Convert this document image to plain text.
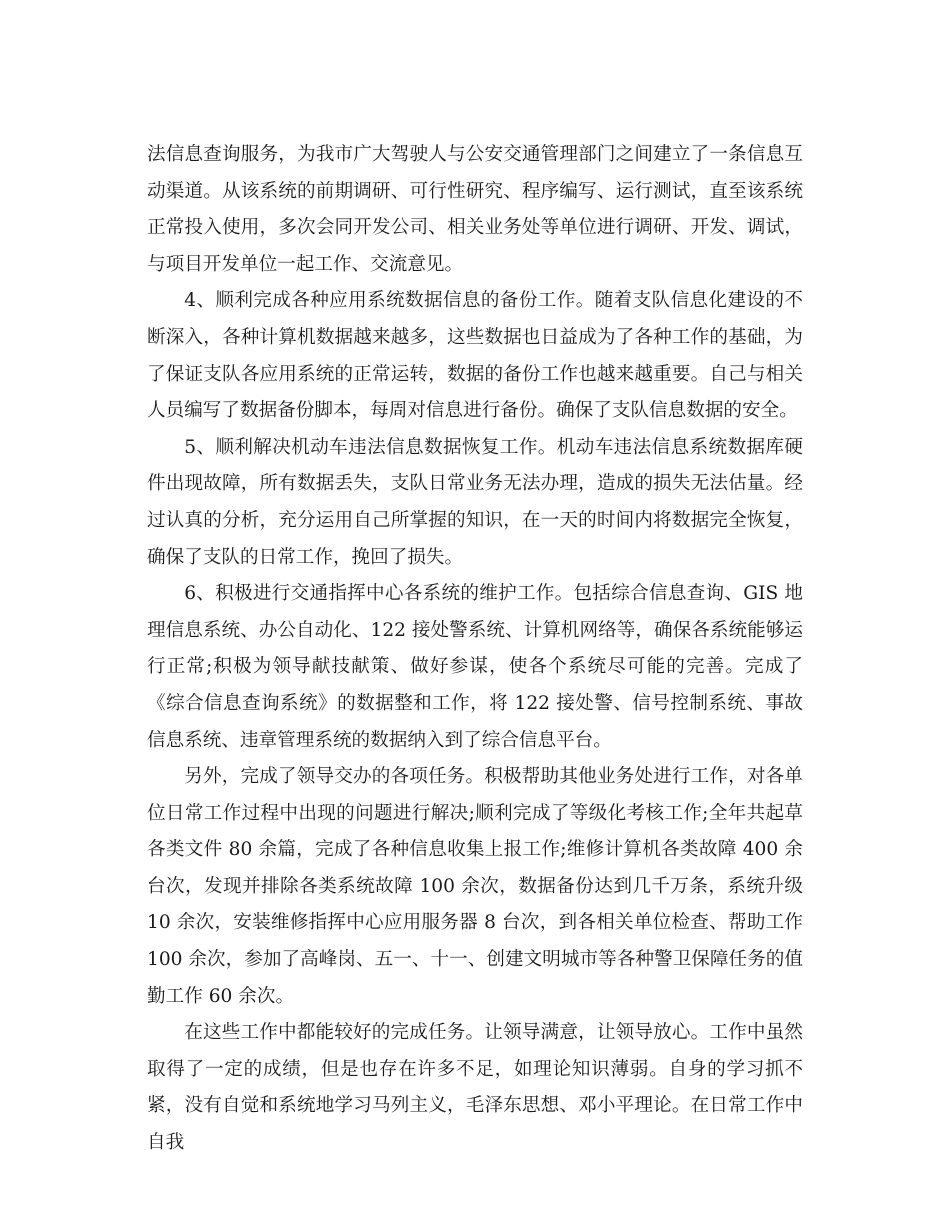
法信息查询服务，为我市广大驾驶人与公安交通管理部门之间建立了一条信息互动渠道。从该系统的前期调研、可行性研究、程序编写、运行测试，直至该系统正常投入使用，多次会同开发公司、相关业务处等单位进行调研、开发、调试，与项目开发单位一起工作、交流意见。

4、顺利完成各种应用系统数据信息的备份工作。随着支队信息化建设的不断深入，各种计算机数据越来越多，这些数据也日益成为了各种工作的基础，为了保证支队各应用系统的正常运转，数据的备份工作也越来越重要。自己与相关人员编写了数据备份脚本，每周对信息进行备份。确保了支队信息数据的安全。

5、顺利解决机动车违法信息数据恢复工作。机动车违法信息系统数据库硬件出现故障，所有数据丢失，支队日常业务无法办理，造成的损失无法估量。经过认真的分析，充分运用自己所掌握的知识，在一天的时间内将数据完全恢复，确保了支队的日常工作，挽回了损失。

6、积极进行交通指挥中心各系统的维护工作。包括综合信息查询、GIS 地理信息系统、办公自动化、122 接处警系统、计算机网络等，确保各系统能够运行正常;积极为领导献技献策、做好参谋，使各个系统尽可能的完善。完成了《综合信息查询系统》的数据整和工作，将 122 接处警、信号控制系统、事故信息系统、违章管理系统的数据纳入到了综合信息平台。

另外，完成了领导交办的各项任务。积极帮助其他业务处进行工作，对各单位日常工作过程中出现的问题进行解决;顺利完成了等级化考核工作;全年共起草各类文件 80 余篇，完成了各种信息收集上报工作;维修计算机各类故障 400 余台次，发现并排除各类系统故障 100 余次，数据备份达到几千万条，系统升级 10 余次，安装维修指挥中心应用服务器 8 台次，到各相关单位检查、帮助工作 100 余次，参加了高峰岗、五一、十一、创建文明城市等各种警卫保障任务的值勤工作 60 余次。

在这些工作中都能较好的完成任务。让领导满意，让领导放心。工作中虽然取得了一定的成绩，但是也存在许多不足，如理论知识薄弱。自身的学习抓不紧，没有自觉和系统地学习马列主义，毛泽东思想、邓小平理论。在日常工作中自我
